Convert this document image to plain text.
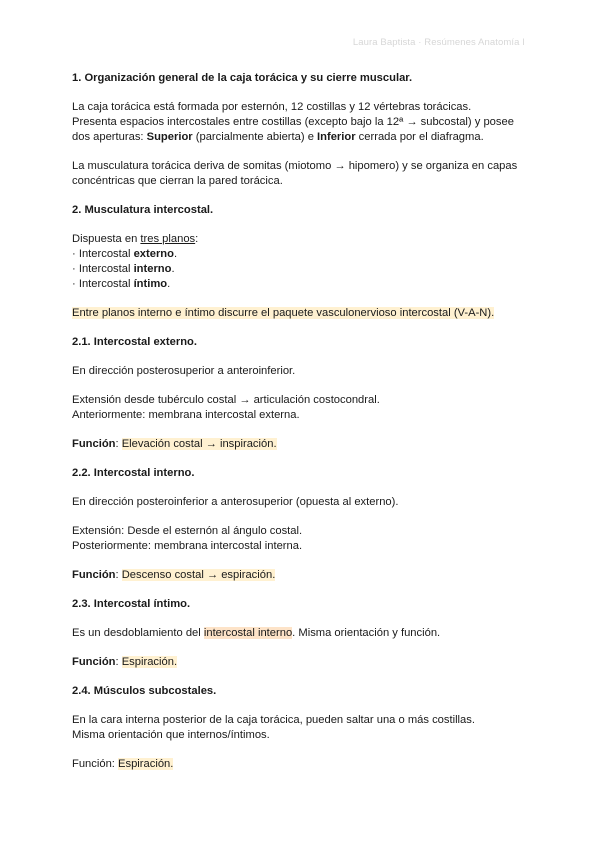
Laura Baptista · Resúmenes Anatomía I

1. Organización general de la caja torácica y su cierre muscular.

La caja torácica está formada por esternón, 12 costillas y 12 vértebras torácicas.
Presenta espacios intercostales entre costillas (excepto bajo la 12ª → subcostal) y posee dos aperturas: Superior (parcialmente abierta) e Inferior cerrada por el diafragma.

La musculatura torácica deriva de somitas (miotomo → hipomero) y se organiza en capas concéntricas que cierran la pared torácica.

2. Musculatura intercostal.

Dispuesta en tres planos:
· Intercostal externo.
· Intercostal interno.
· Intercostal íntimo.

Entre planos interno e íntimo discurre el paquete vasculonervioso intercostal (V-A-N).

2.1. Intercostal externo.

En dirección posterosuperior a anteroinferior.

Extensión desde tubérculo costal → articulación costocondral.
Anteriormente: membrana intercostal externa.

Función: Elevación costal → inspiración.

2.2. Intercostal interno.

En dirección posteroinferior a anterosuperior (opuesta al externo).

Extensión: Desde el esternón al ángulo costal.
Posteriormente: membrana intercostal interna.

Función: Descenso costal → espiración.

2.3. Intercostal íntimo.

Es un desdoblamiento del intercostal interno. Misma orientación y función.

Función: Espiración.

2.4. Músculos subcostales.

En la cara interna posterior de la caja torácica, pueden saltar una o más costillas.
Misma orientación que internos/íntimos.

Función: Espiración.
